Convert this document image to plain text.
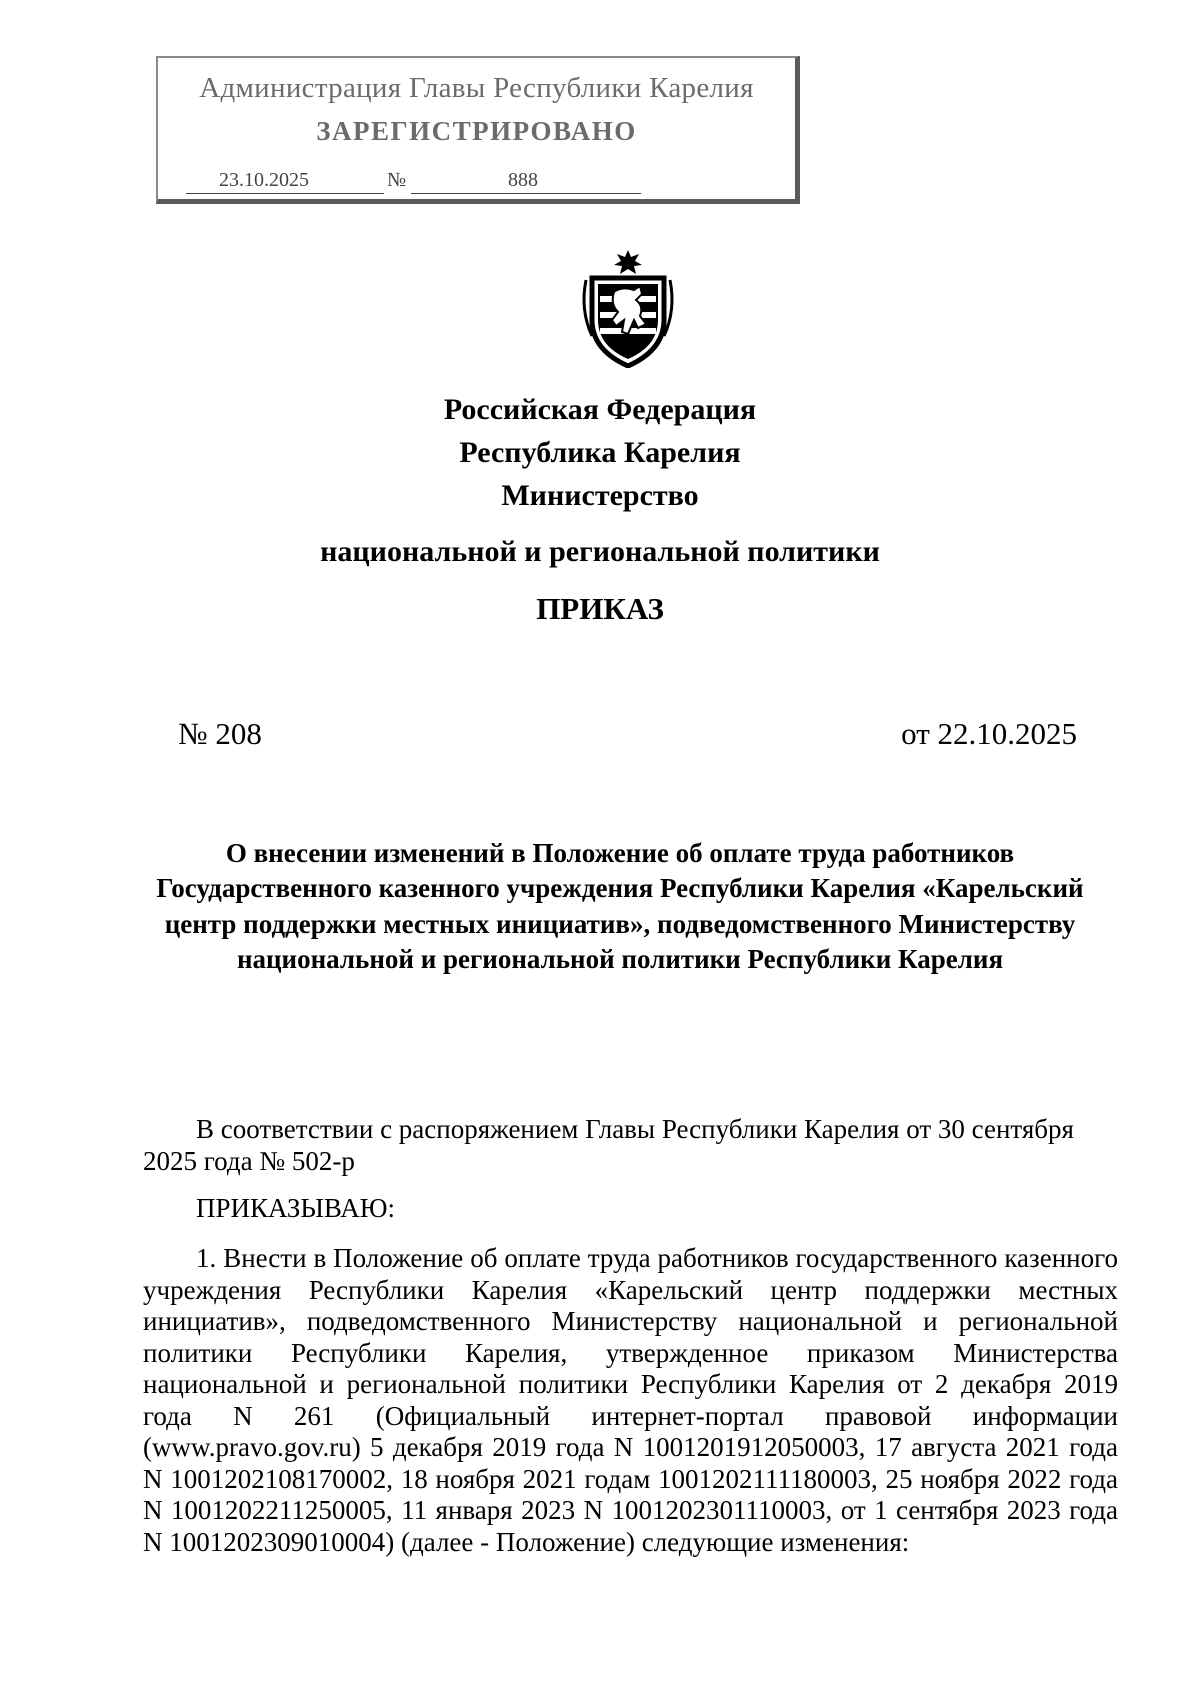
Администрация Главы Республики Карелия
ЗАРЕГИСТРИРОВАНО
23.10.2025	№	888
Российская Федерация
Республика Карелия
Министерство
национальной и региональной политики
ПРИКАЗ
№ 208	от 22.10.2025
О внесении изменений в Положение об оплате труда работников Государственного казенного учреждения Республики Карелия «Карельский центр поддержки местных инициатив», подведомственного Министерству национальной и региональной политики Республики Карелия
В соответствии с распоряжением Главы Республики Карелия от 30 сентября 2025 года № 502-р
ПРИКАЗЫВАЮ:
1. Внести в Положение об оплате труда работников государственного казенного учреждения Республики Карелия «Карельский центр поддержки местных инициатив», подведомственного Министерству национальной и региональной политики Республики Карелия, утвержденное приказом Министерства национальной и региональной политики Республики Карелия от 2 декабря 2019 года N 261 (Официальный интернет-портал правовой информации (www.pravo.gov.ru) 5 декабря 2019 года N 1001201912050003, 17 августа 2021 года N 1001202108170002, 18 ноября 2021 годам 1001202111180003, 25 ноября 2022 года N 1001202211250005, 11 января 2023 N 1001202301110003, от 1 сентября 2023 года N 1001202309010004) (далее - Положение) следующие изменения:
